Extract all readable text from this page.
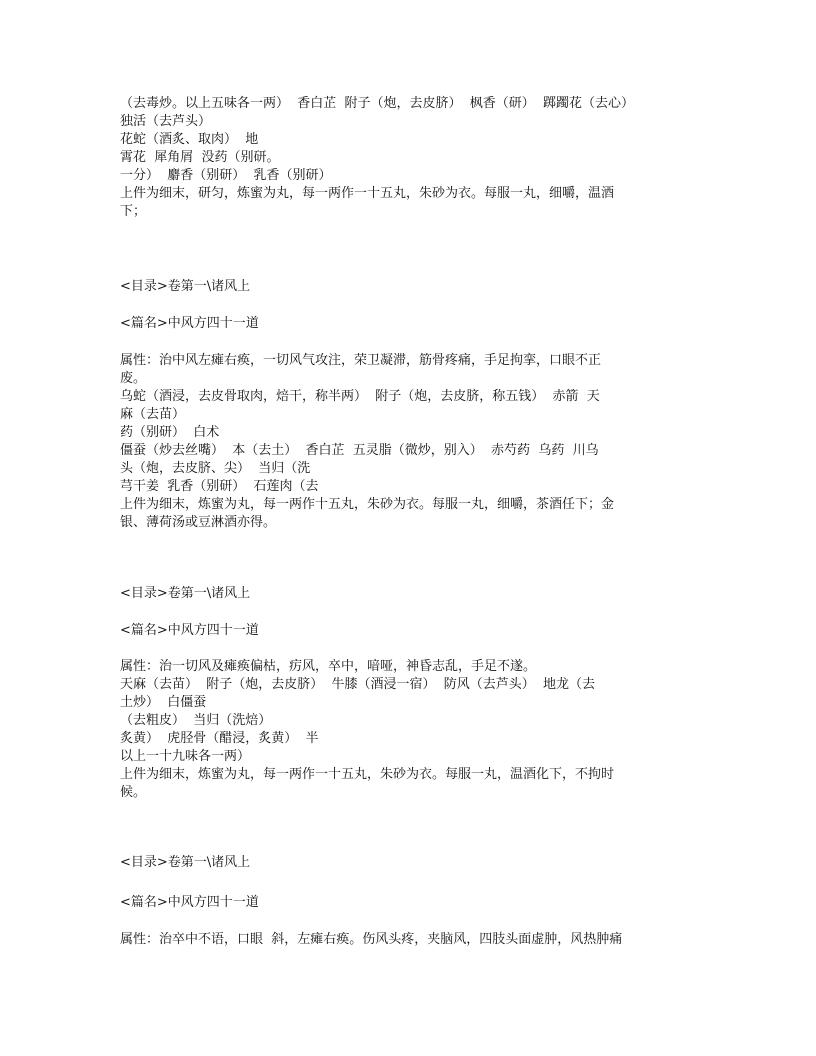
（去毒炒。以上五味各一两）  香白芷  附子（炮，去皮脐）  枫香（研）  踯躅花（去心）
独活（去芦头）
花蛇（酒炙、取肉）  地
霄花  犀角屑  没药（别研。
一分）  麝香（别研）  乳香（别研）
上件为细末，研匀，炼蜜为丸，每一两作一十五丸，朱砂为衣。每服一丸，细嚼，温酒
下；
<目录>卷第一\诸风上
<篇名>中风方四十一道
属性：治中风左瘫右痪，一切风气攻注，荣卫凝滞，筋骨疼痛，手足拘挛，口眼不正
废。
乌蛇（酒浸，去皮骨取肉，焙干，称半两）  附子（炮，去皮脐，称五钱）  赤箭  天
麻（去苗）
药（别研）  白术
僵蚕（炒去丝嘴）  本（去土）  香白芷  五灵脂（微炒，别入）  赤芍药  乌药  川乌
头（炮，去皮脐、尖）  当归（洗
芎干姜  乳香（别研）  石莲肉（去
上件为细末，炼蜜为丸，每一两作十五丸，朱砂为衣。每服一丸，细嚼，茶酒任下；金
银、薄荷汤或豆淋酒亦得。
<目录>卷第一\诸风上
<篇名>中风方四十一道
属性：治一切风及瘫痪偏枯，疠风，卒中，喑哑，神昏志乱，手足不遂。
天麻（去苗）  附子（炮，去皮脐）  牛膝（酒浸一宿）  防风（去芦头）  地龙（去
土炒）  白僵蚕
（去粗皮）  当归（洗焙）
炙黄）  虎胫骨（醋浸，炙黄）  半
以上一十九味各一两）
上件为细末，炼蜜为丸，每一两作一十五丸，朱砂为衣。每服一丸，温酒化下，不拘时
候。
<目录>卷第一\诸风上
<篇名>中风方四十一道
属性：治卒中不语，口眼  斜，左瘫右痪。伤风头疼，夹脑风，四肢头面虚肿，风热肿痛
